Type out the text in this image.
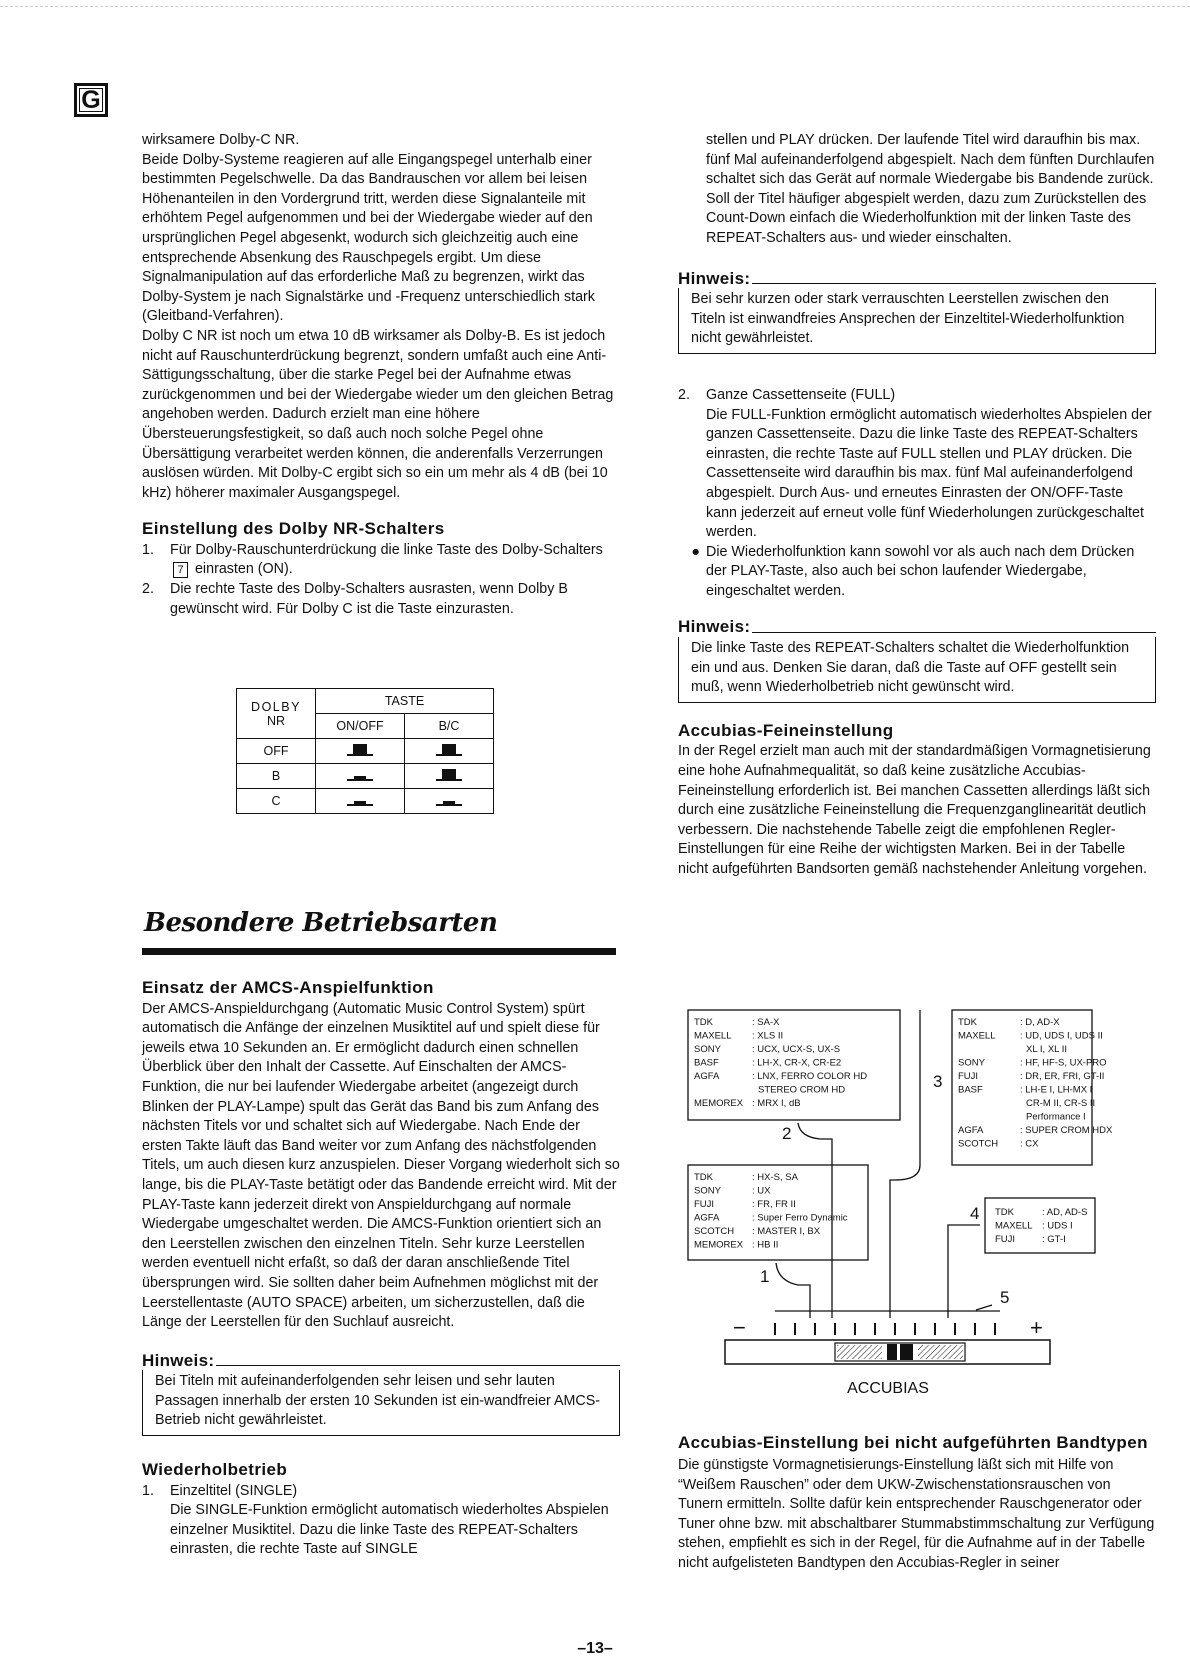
G

wirksamere Dolby-C NR.

Beide Dolby-Systeme reagieren auf alle Eingangspegel unterhalb einer bestimmten Pegelschwelle. Da das Bandrauschen vor allem bei leisen Höhenanteilen in den Vordergrund tritt, werden diese Signalanteile mit erhöhtem Pegel aufgenommen und bei der Wiedergabe wieder auf den ursprünglichen Pegel abgesenkt, wodurch sich gleichzeitig auch eine entsprechende Absenkung des Rauschpegels ergibt. Um diese Signalmanipulation auf das erforderliche Maß zu begrenzen, wirkt das Dolby-System je nach Signalstärke und -Frequenz unterschiedlich stark (Gleitband-Verfahren).

Dolby C NR ist noch um etwa 10 dB wirksamer als Dolby-B. Es ist jedoch nicht auf Rauschunterdrückung begrenzt, sondern umfaßt auch eine Anti-Sättigungsschaltung, über die starke Pegel bei der Aufnahme etwas zurückgenommen und bei der Wiedergabe wieder um den gleichen Betrag angehoben werden. Dadurch erzielt man eine höhere Übersteuerungsfestigkeit, so daß auch noch solche Pegel ohne Übersättigung verarbeitet werden können, die anderenfalls Verzerrungen auslösen würden. Mit Dolby-C ergibt sich so ein um mehr als 4 dB (bei 10 kHz) höherer maximaler Ausgangspegel.

Einstellung des Dolby NR-Schalters
1.	Für Dolby-Rauschunterdrückung die linke Taste des Dolby-Schalters 7 einrasten (ON).
2.	Die rechte Taste des Dolby-Schalters ausrasten, wenn Dolby B gewünscht wird. Für Dolby C ist die Taste einzurasten.
DOLBY
NR	TASTE	
	ON/OFF	B/C
OFF		
B		
C		
Besondere Betriebsarten
Einsatz der AMCS-Anspielfunktion

Der AMCS-Anspieldurchgang (Automatic Music Control System) spürt automatisch die Anfänge der einzelnen Musiktitel auf und spielt diese für jeweils etwa 10 Sekunden an. Er ermöglicht dadurch einen schnellen Überblick über den Inhalt der Cassette. Auf Einschalten der AMCS-Funktion, die nur bei laufender Wiedergabe arbeitet (angezeigt durch Blinken der PLAY-Lampe) spult das Gerät das Band bis zum Anfang des nächsten Titels vor und schaltet sich auf Wiedergabe. Nach Ende der ersten Takte läuft das Band weiter vor zum Anfang des nächstfolgenden Titels, um auch diesen kurz anzuspielen. Dieser Vorgang wiederholt sich so lange, bis die PLAY-Taste betätigt oder das Bandende erreicht wird. Mit der PLAY-Taste kann jederzeit direkt von Anspieldurchgang auf normale Wiedergabe umgeschaltet werden. Die AMCS-Funktion orientiert sich an den Leerstellen zwischen den einzelnen Titeln. Sehr kurze Leerstellen werden eventuell nicht erfaßt, so daß der daran anschließende Titel übersprungen wird. Sie sollten daher beim Aufnehmen möglichst mit der Leerstellentaste (AUTO SPACE) arbeiten, um sicherzustellen, daß die Länge der Leerstellen für den Suchlauf ausreicht.

Hinweis:
Bei Titeln mit aufeinanderfolgenden sehr leisen und sehr lauten Passagen innerhalb der ersten 10 Sekunden ist ein-wandfreier AMCS-Betrieb nicht gewährleistet.
Wiederholbetrieb
1.	Einzeltitel (SINGLE)
Die SINGLE-Funktion ermöglicht automatisch wiederholtes Abspielen einzelner Musiktitel. Dazu die linke Taste des REPEAT-Schalters einrasten, die rechte Taste auf SINGLE

stellen und PLAY drücken. Der laufende Titel wird daraufhin bis max. fünf Mal aufeinanderfolgend abgespielt. Nach dem fünften Durchlaufen schaltet sich das Gerät auf normale Wiedergabe bis Bandende zurück. Soll der Titel häufiger abgespielt werden, dazu zum Zurückstellen des Count-Down einfach die Wiederholfunktion mit der linken Taste des REPEAT-Schalters aus- und wieder einschalten.

Hinweis:
Bei sehr kurzen oder stark verrauschten Leerstellen zwischen den Titeln ist einwandfreies Ansprechen der Einzeltitel-Wiederholfunktion nicht gewährleistet.
2.	Ganze Cassettenseite (FULL)
Die FULL-Funktion ermöglicht automatisch wiederholtes Abspielen der ganzen Cassettenseite. Dazu die linke Taste des REPEAT-Schalters einrasten, die rechte Taste auf FULL stellen und PLAY drücken. Die Cassettenseite wird daraufhin bis max. fünf Mal aufeinanderfolgend abgespielt. Durch Aus- und erneutes Einrasten der ON/OFF-Taste kann jederzeit auf erneut volle fünf Wiederholungen zurückgeschaltet werden.
● Die Wiederholfunktion kann sowohl vor als auch nach dem Drücken der PLAY-Taste, also auch bei schon laufender Wiedergabe, eingeschaltet werden.
Hinweis:
Die linke Taste des REPEAT-Schalters schaltet die Wiederholfunktion ein und aus. Denken Sie daran, daß die Taste auf OFF gestellt sein muß, wenn Wiederholbetrieb nicht gewünscht wird.
Accubias-Feineinstellung

In der Regel erzielt man auch mit der standardmäßigen Vormagnetisierung eine hohe Aufnahmequalität, so daß keine zusätzliche Accubias-Feineinstellung erforderlich ist. Bei manchen Cassetten allerdings läßt sich durch eine zusätzliche Feineinstellung die Frequenzganglinearität deutlich verbessern. Die nachstehende Tabelle zeigt die empfohlenen Regler-Einstellungen für eine Reihe der wichtigsten Marken. Bei in der Tabelle nicht aufgeführten Bandsorten gemäß nachstehender Anleitung vorgehen.

TDK	: SA-X
MAXELL : XLS II
SONY	: UCX, UCX-S, UX-S
BASF	: LH-X, CR-X, CR-E2
AGFA	: LNX, FERRO COLOR HD
STEREO CROM HD
MEMOREX : MRX I, dB
TDK	: D, AD-X
MAXELL	: UD, UDS I, UDS II
XL I, XL II
SONY	: HF, HF-S, UX-PRO
FUJI	: DR, ER, FRI, GT-II
BASF	: LH-E I, LH-MX I
CR-M II, CR-S II
Performance I
AGFA	: SUPER CROM HDX
SCOTCH : CX
TDK	: HX-S, SA
SONY	: UX
FUJI	: FR, FR II
AGFA	: Super Ferro Dynamic
SCOTCH : MASTER I, BX
MEMOREX : HB II
TDK	: AD, AD-S
MAXELL : UDS I
FUJI	: GT-I
2
3
1
4
5
−	+
ACCUBIAS
Accubias-Einstellung bei nicht aufgeführten Bandtypen

Die günstigste Vormagnetisierungs-Einstellung läßt sich mit Hilfe von “Weißem Rauschen” oder dem UKW-Zwischenstationsrauschen von Tunern ermitteln. Sollte dafür kein entsprechender Rauschgenerator oder Tuner ohne bzw. mit abschaltbarer Stummabstimmschaltung zur Verfügung stehen, empfiehlt es sich in der Regel, für die Aufnahme auf in der Tabelle nicht aufgelisteten Bandtypen den Accubias-Regler in seiner

–13–
